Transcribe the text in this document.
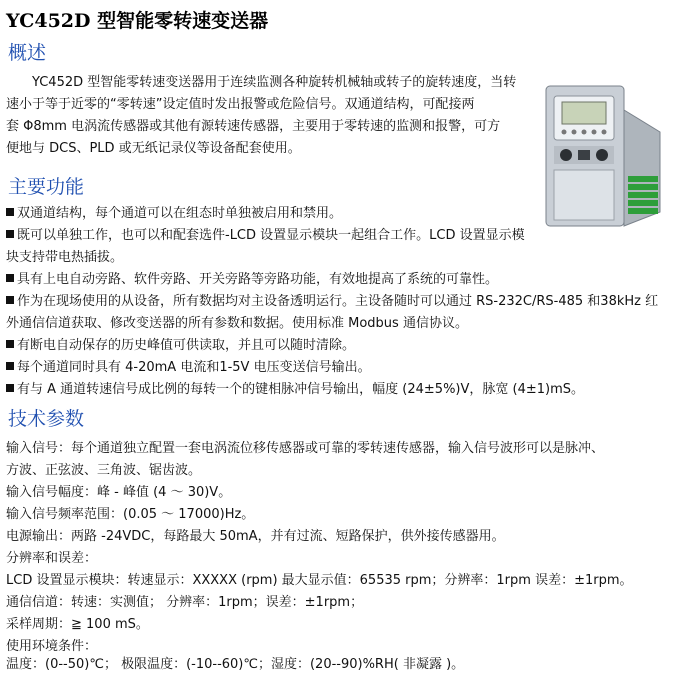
YC452D 型智能零转速变送器
概述
YC452D 型智能零转速变送器用于连续监测各种旋转机械轴或转子的旋转速度，当转
速小于等于近零的“零转速”设定值时发出报警或危险信号。双通道结构，可配接两
套 Φ8mm 电涡流传感器或其他有源转速传感器，主要用于零转速的监测和报警，可方
便地与 DCS、PLD 或无纸记录仪等设备配套使用。
主要功能
双通道结构，每个通道可以在组态时单独被启用和禁用。
既可以单独工作，也可以和配套选件-LCD 设置显示模块一起组合工作。LCD 设置显示模
块支持带电热插拔。
具有上电自动旁路、软件旁路、开关旁路等旁路功能，有效地提高了系统的可靠性。
作为在现场使用的从设备，所有数据均对主设备透明运行。主设备随时可以通过 RS-232C/RS-485 和38kHz 红
外通信信道获取、修改变送器的所有参数和数据。使用标准 Modbus 通信协议。
有断电自动保存的历史峰值可供读取，并且可以随时清除。
每个通道同时具有 4-20mA 电流和1-5V 电压变送信号输出。
有与 A 通道转速信号成比例的每转一个的键相脉冲信号输出，幅度 (24±5%)V，脉宽 (4±1)mS。
技术参数
输入信号：每个通道独立配置一套电涡流位移传感器或可靠的零转速传感器，输入信号波形可以是脉冲、
方波、正弦波、三角波、锯齿波。
输入信号幅度：峰 - 峰值 (4 ～ 30)V。
输入信号频率范围：(0.05 ～ 17000)Hz。
电源输出：两路 -24VDC，每路最大 50mA，并有过流、短路保护，供外接传感器用。
分辨率和误差：
LCD 设置显示模块：转速显示：XXXXX (rpm) 最大显示值：65535 rpm；分辨率：1rpm 误差：±1rpm。
通信信道：转速：实测值； 分辨率：1rpm；误差：±1rpm；
采样周期：≧ 100 mS。
使用环境条件：
温度：(0--50)℃； 极限温度：(-10--60)℃；湿度：(20--90)%RH( 非凝露 )。
